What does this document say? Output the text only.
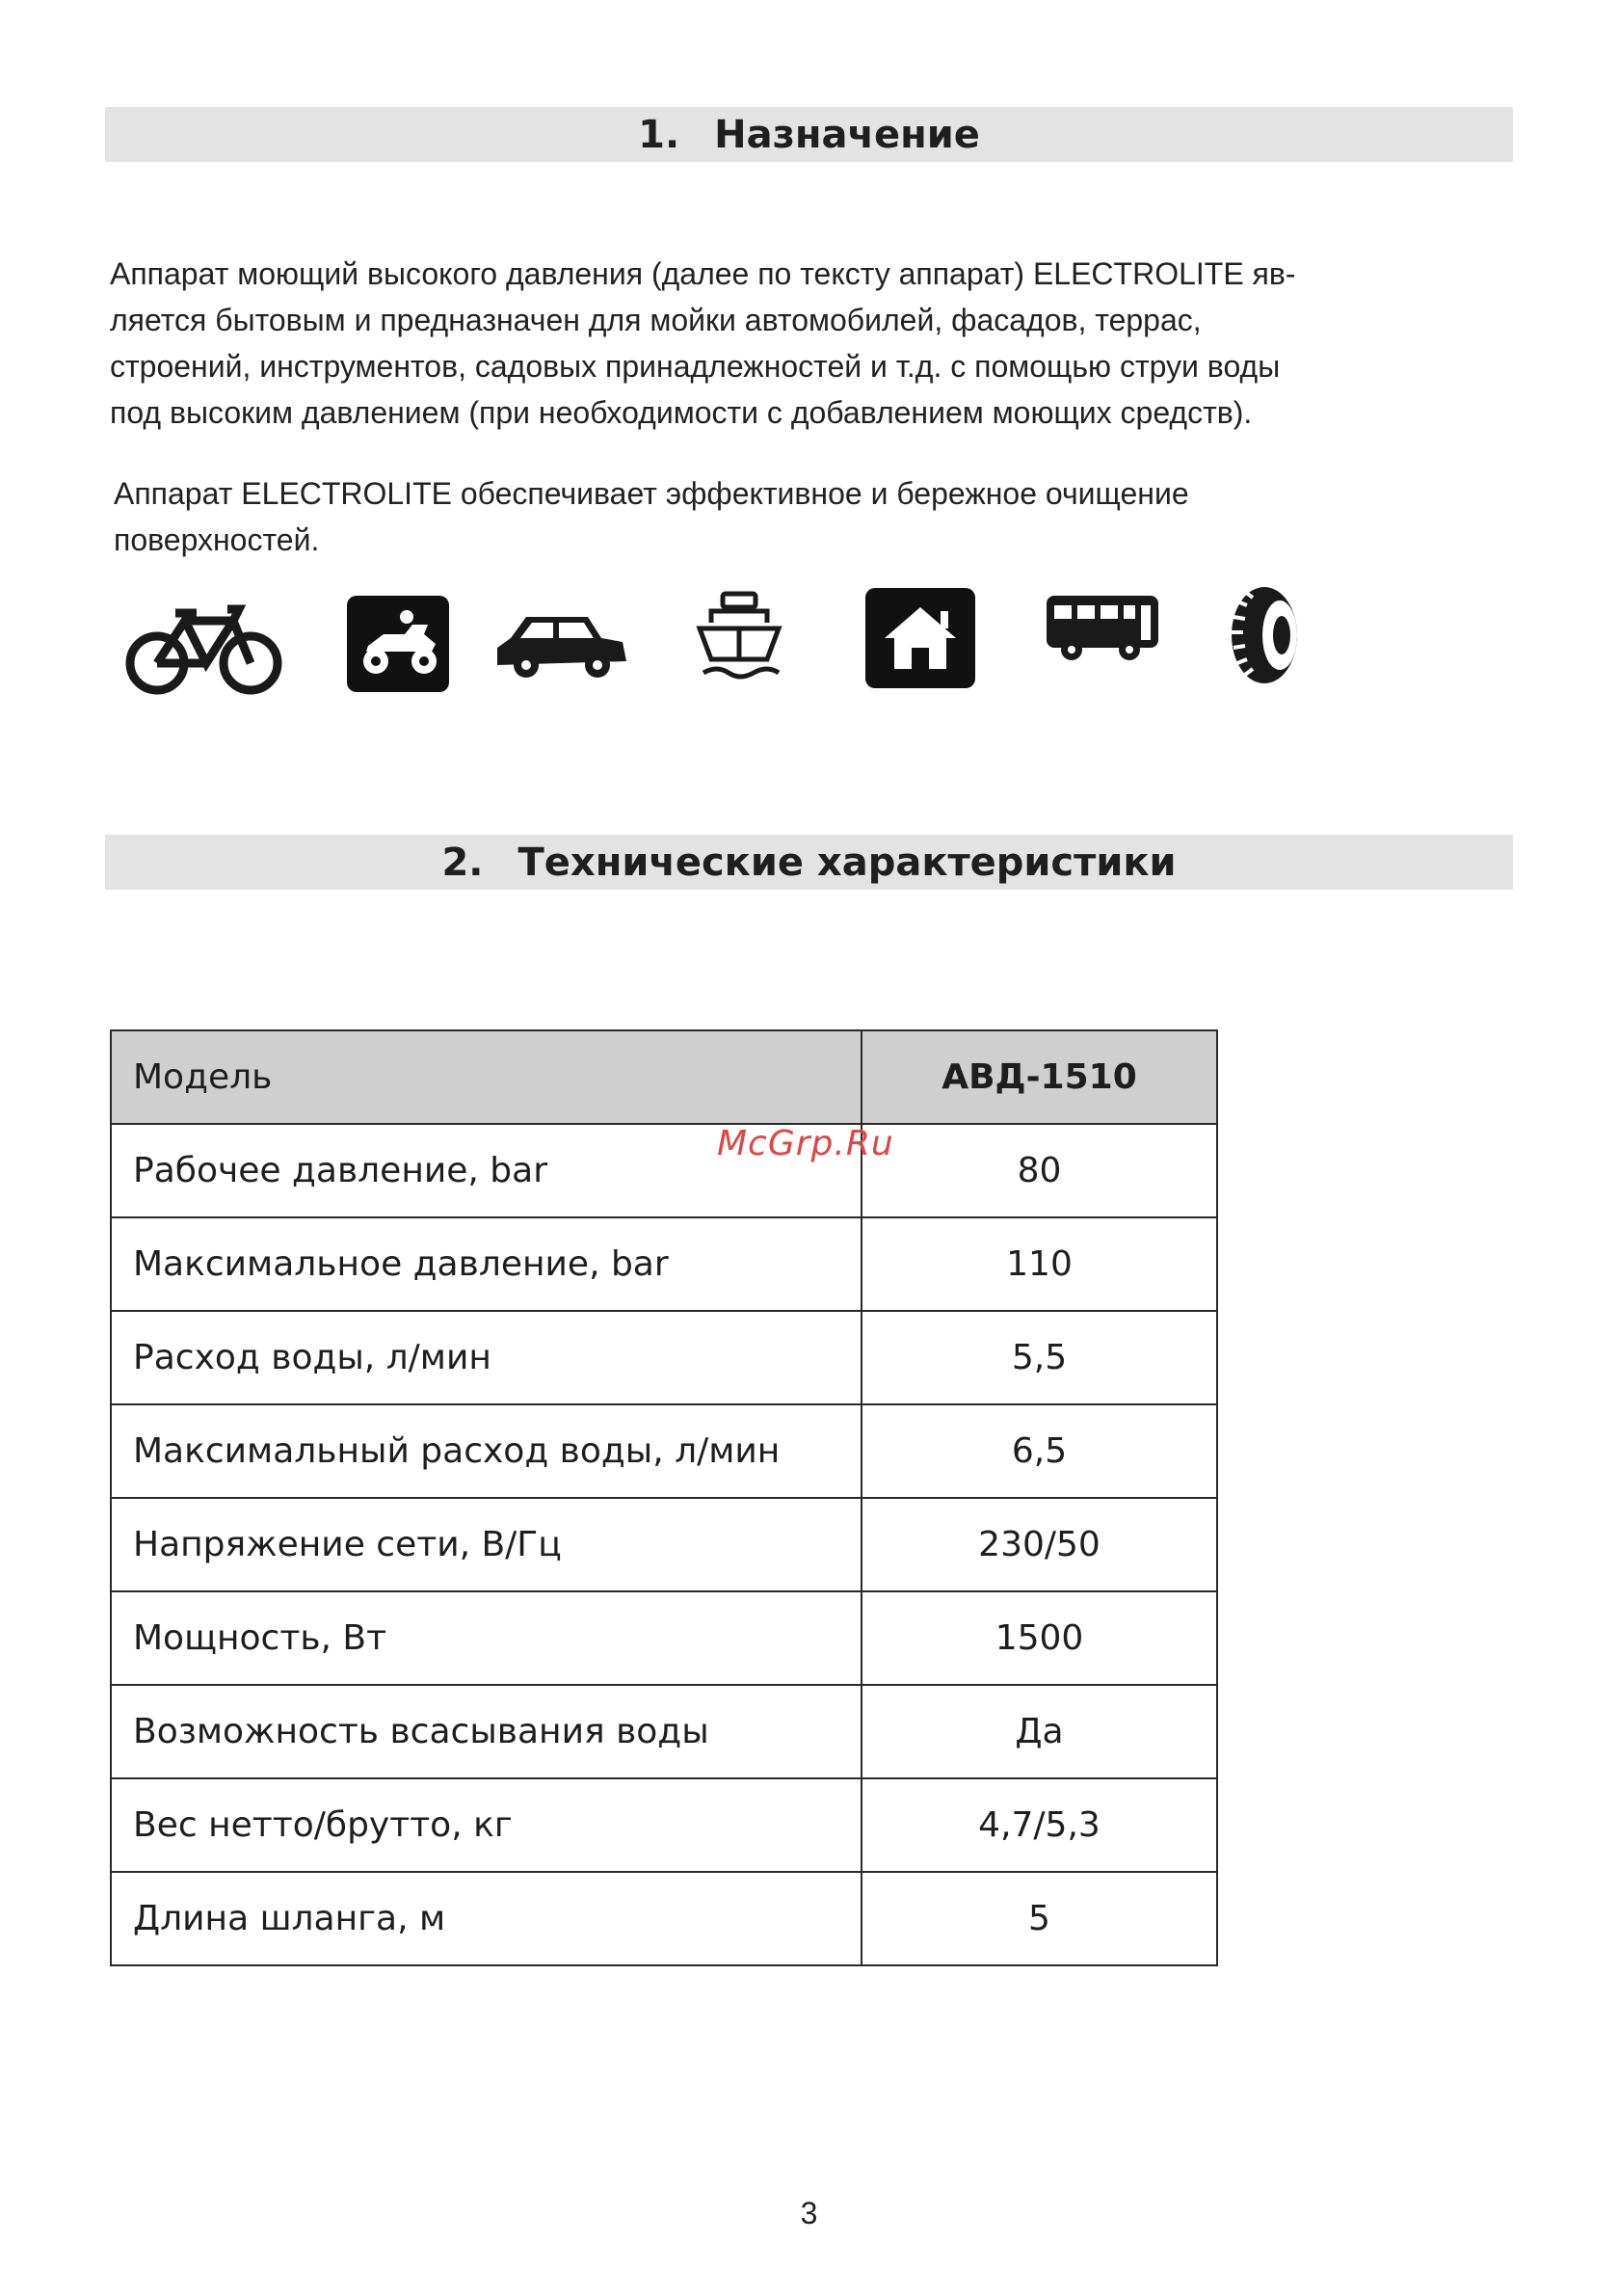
1. Назначение

Аппарат моющий высокого давления (далее по тексту аппарат) ELECTROLITE яв-
ляется бытовым и предназначен для мойки автомобилей, фасадов, террас,
строений, инструментов, садовых принадлежностей и т.д. с помощью струи воды
под высоким давлением (при необходимости с добавлением моющих средств).

Аппарат ELECTROLITE обеспечивает эффективное и бережное очищение
поверхностей.

2. Технические характеристики
Модель	АВД-1510
Рабочее давление, bar	80
Максимальное давление, bar	110
Расход воды, л/мин	5,5
Максимальный расход воды, л/мин	6,5
Напряжение сети, В/Гц	230/50
Мощность, Вт	1500
Возможность всасывания воды	Да
Вес нетто/брутто, кг	4,7/5,3
Длина шланга, м	5
McGrp.Ru
3
